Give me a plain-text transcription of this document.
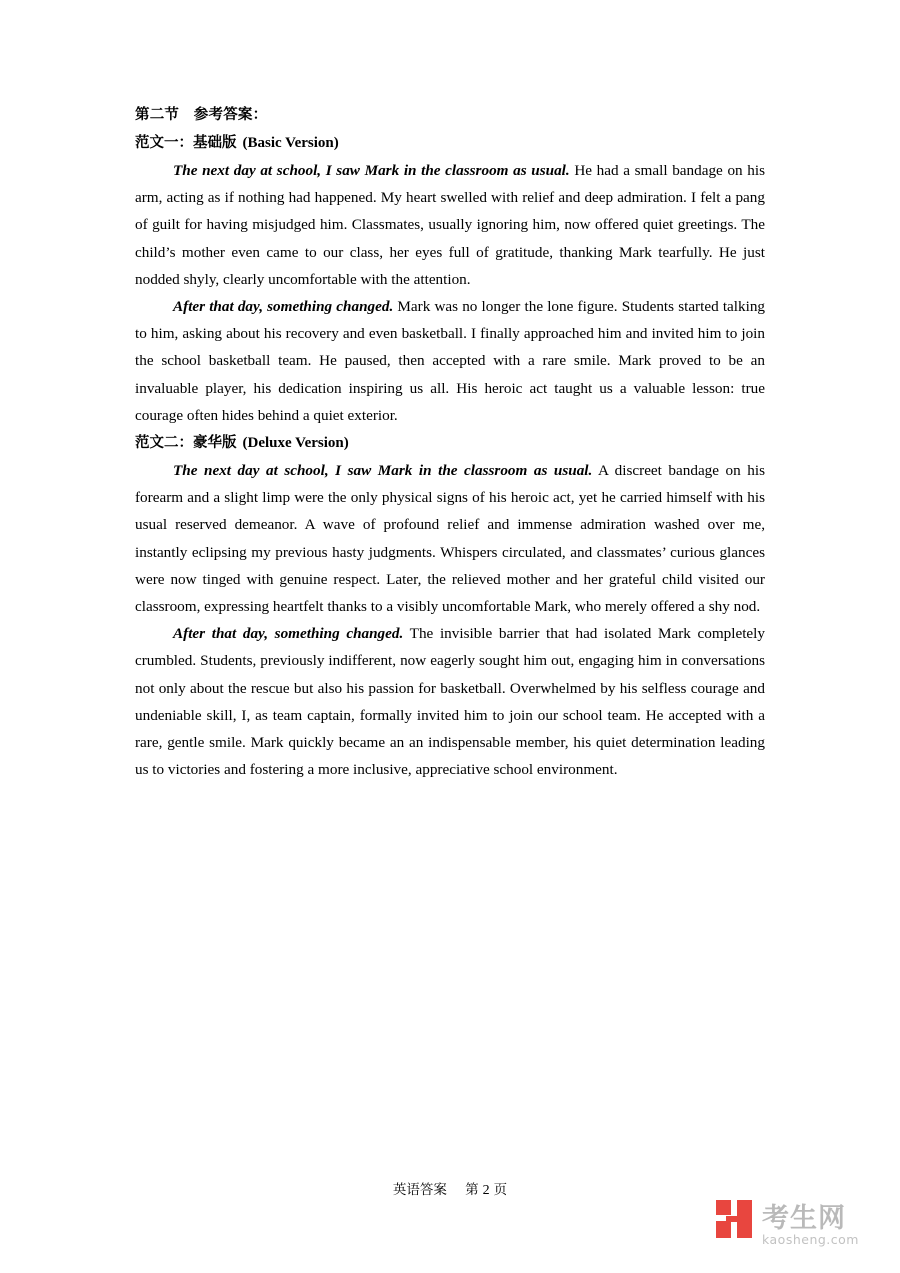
第二节　参考答案：
范文一：基础版 (Basic Version)

The next day at school, I saw Mark in the classroom as usual. He had a small bandage on his arm, acting as if nothing had happened. My heart swelled with relief and deep admiration. I felt a pang of guilt for having misjudged him. Classmates, usually ignoring him, now offered quiet greetings. The child’s mother even came to our class, her eyes full of gratitude, thanking Mark tearfully. He just nodded shyly, clearly uncomfortable with the attention.

After that day, something changed. Mark was no longer the lone figure. Students started talking to him, asking about his recovery and even basketball. I finally approached him and invited him to join the school basketball team. He paused, then accepted with a rare smile. Mark proved to be an invaluable player, his dedication inspiring us all. His heroic act taught us a valuable lesson: true courage often hides behind a quiet exterior.

范文二：豪华版 (Deluxe Version)

The next day at school, I saw Mark in the classroom as usual. A discreet bandage on his forearm and a slight limp were the only physical signs of his heroic act, yet he carried himself with his usual reserved demeanor. A wave of profound relief and immense admiration washed over me, instantly eclipsing my previous hasty judgments. Whispers circulated, and classmates’ curious glances were now tinged with genuine respect. Later, the relieved mother and her grateful child visited our classroom, expressing heartfelt thanks to a visibly uncomfortable Mark, who merely offered a shy nod.

After that day, something changed. The invisible barrier that had isolated Mark completely crumbled. Students, previously indifferent, now eagerly sought him out, engaging him in conversations not only about the rescue but also his passion for basketball. Overwhelmed by his selfless courage and undeniable skill, I, as team captain, formally invited him to join our school team. He accepted with a rare, gentle smile. Mark quickly became an an indispensable member, his quiet determination leading us to victories and fostering a more inclusive, appreciative school environment.

英语答案 第 2 页
考生网
kaosheng.com
